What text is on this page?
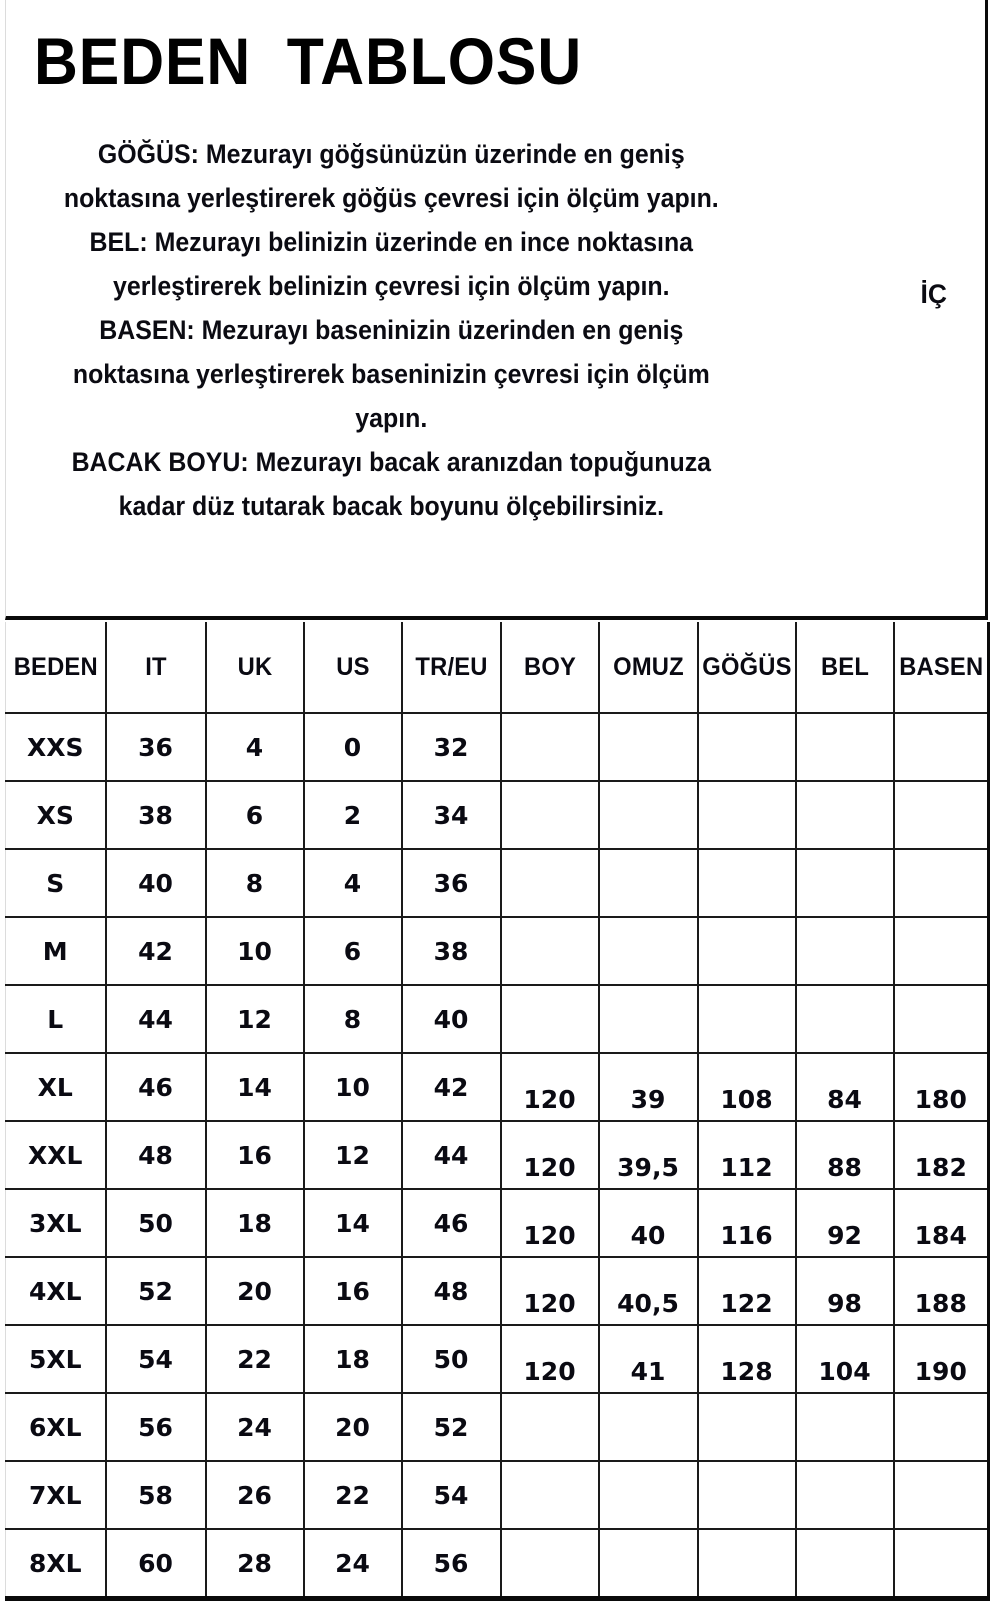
BEDEN  TABLOSU

GÖĞÜS: Mezurayı göğsünüzün üzerinde en geniş

noktasına yerleştirerek göğüs çevresi için ölçüm yapın.

BEL: Mezurayı belinizin üzerinde en ince noktasına

yerleştirerek belinizin çevresi için ölçüm yapın.

BASEN: Mezurayı baseninizin üzerinden en geniş

noktasına yerleştirerek baseninizin çevresi için ölçüm

yapın.

BACAK BOYU: Mezurayı bacak aranızdan topuğunuza

kadar düz tutarak bacak boyunu ölçebilirsiniz.

İÇ
BEDEN	IT	UK	US	TR/EU	BOY	OMUZ	GÖĞÜS	BEL	BASEN
XXS	36	4	0	32					
XS	38	6	2	34					
S	40	8	4	36					
M	42	10	6	38					
L	44	12	8	40					
XL	46	14	10	42	120	39	108	84	180
XXL	48	16	12	44	120	39,5	112	88	182
3XL	50	18	14	46	120	40	116	92	184
4XL	52	20	16	48	120	40,5	122	98	188
5XL	54	22	18	50	120	41	128	104	190
6XL	56	24	20	52					
7XL	58	26	22	54					
8XL	60	28	24	56					
